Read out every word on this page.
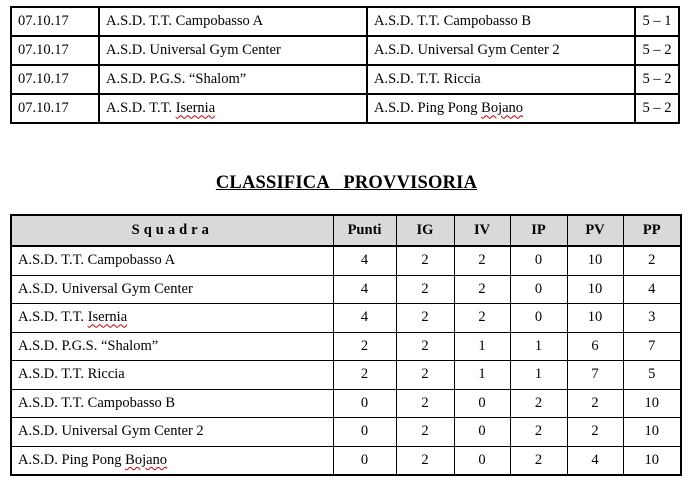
07.10.17	A.S.D. T.T. Campobasso A	A.S.D. T.T. Campobasso B	5 – 1
07.10.17	A.S.D. Universal Gym Center	A.S.D. Universal Gym Center 2	5 – 2
07.10.17	A.S.D. P.G.S. “Shalom”	A.S.D. T.T. Riccia	5 – 2
07.10.17	A.S.D. T.T. Isernia	A.S.D. Ping Pong Bojano	5 – 2
CLASSIFICA   PROVVISORIA
Squadra	Punti	IG	IV	IP	PV	PP
A.S.D. T.T. Campobasso A	4	2	2	0	10	2
A.S.D. Universal Gym Center	4	2	2	0	10	4
A.S.D. T.T. Isernia	4	2	2	0	10	3
A.S.D. P.G.S. “Shalom”	2	2	1	1	6	7
A.S.D. T.T. Riccia	2	2	1	1	7	5
A.S.D. T.T. Campobasso B	0	2	0	2	2	10
A.S.D. Universal Gym Center 2	0	2	0	2	2	10
A.S.D. Ping Pong Bojano	0	2	0	2	4	10
